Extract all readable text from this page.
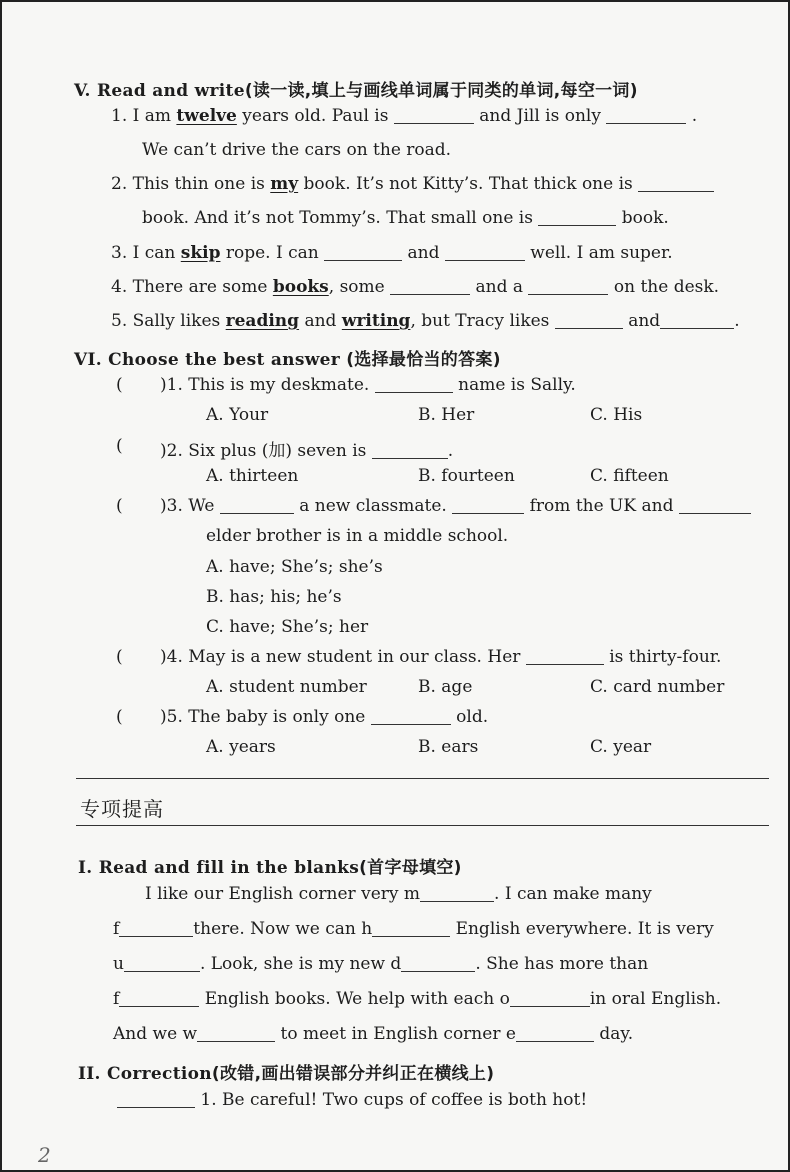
V. Read and write(读一读,填上与画线单词属于同类的单词,每空一词)
1. I am twelve years old. Paul is	and Jill is only	.
We can’t drive the cars on the road.
2. This thin one is my book. It’s not Kitty’s. That thick one is
book. And it’s not Tommy’s. That small one is	book.
3. I can skip rope. I can	and	well. I am super.
4. There are some books, some	and a	on the desk.
5. Sally likes reading and writing, but Tracy likes	and	.
VI. Choose the best answer (选择最恰当的答案)
( )1. This is my deskmate.	name is Sally.
A. Your	B. Her	C. His
( )2. Six plus (加) seven is	.
A. thirteen	B. fourteen	C. fifteen
( )3. We	a new classmate.	from the UK and
elder brother is in a middle school.
A. have; She’s; she’s
B. has; his; he’s
C. have; She’s; her
( )4. May is a new student in our class. Her	is thirty-four.
A. student number	B. age	C. card number
( )5. The baby is only one	old.
A. years	B. ears	C. year
专项提高
I. Read and fill in the blanks(首字母填空)
I like our English corner very m	. I can make many
f	there. Now we can h	English everywhere. It is very
u	. Look, she is my new d	. She has more than
f	English books. We help with each o	in oral English.
And we w	to meet in English corner e	day.
II. Correction(改错,画出错误部分并纠正在横线上)
1. Be careful! Two cups of coffee is both hot!
2
